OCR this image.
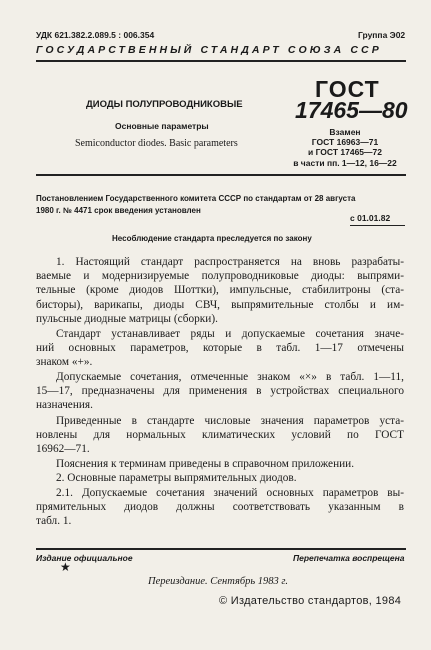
УДК 621.382.2.089.5 : 006.354	Группа Э02
ГОСУДАРСТВЕННЫЙ СТАНДАРТ СОЮЗА ССР
ДИОДЫ ПОЛУПРОВОДНИКОВЫЕ
Основные параметры
Semiconductor diodes. Basic parameters
ГОСТ
17465—80
Взамен
ГОСТ 16963—71
и ГОСТ 17465—72
в части пп. 1—12, 16—22
Постановлением Государственного комитета СССР по стандартам от 28 августа
1980 г. № 4471 срок введения установлен
с 01.01.82
Несоблюдение стандарта преследуется по закону
1. Настоящий стандарт распространяется на вновь разрабаты-
ваемые и модернизируемые полупроводниковые диоды: выпрями-
тельные (кроме диодов Шоттки), импульсные, стабилитроны (ста-
бисторы), варикапы, диоды СВЧ, выпрямительные столбы и им-
пульсные диодные матрицы (сборки).
Стандарт устанавливает ряды и допускаемые сочетания значе-
ний основных параметров, которые в табл. 1—17 отмечены
знаком «+».
Допускаемые сочетания, отмеченные знаком «×» в табл. 1—11,
15—17, предназначены для применения в устройствах специального
назначения.
Приведенные в стандарте числовые значения параметров уста-
новлены для нормальных климатических условий по ГОСТ
16962—71.
Пояснения к терминам приведены в справочном приложении.
2. Основные параметры выпрямительных диодов.
2.1. Допускаемые сочетания значений основных параметров вы-
прямительных диодов должны соответствовать указанным в
табл. 1.
Издание официальное	Перепечатка воспрещена
★
Переиздание. Сентябрь 1983 г.
© Издательство стандартов, 1984
